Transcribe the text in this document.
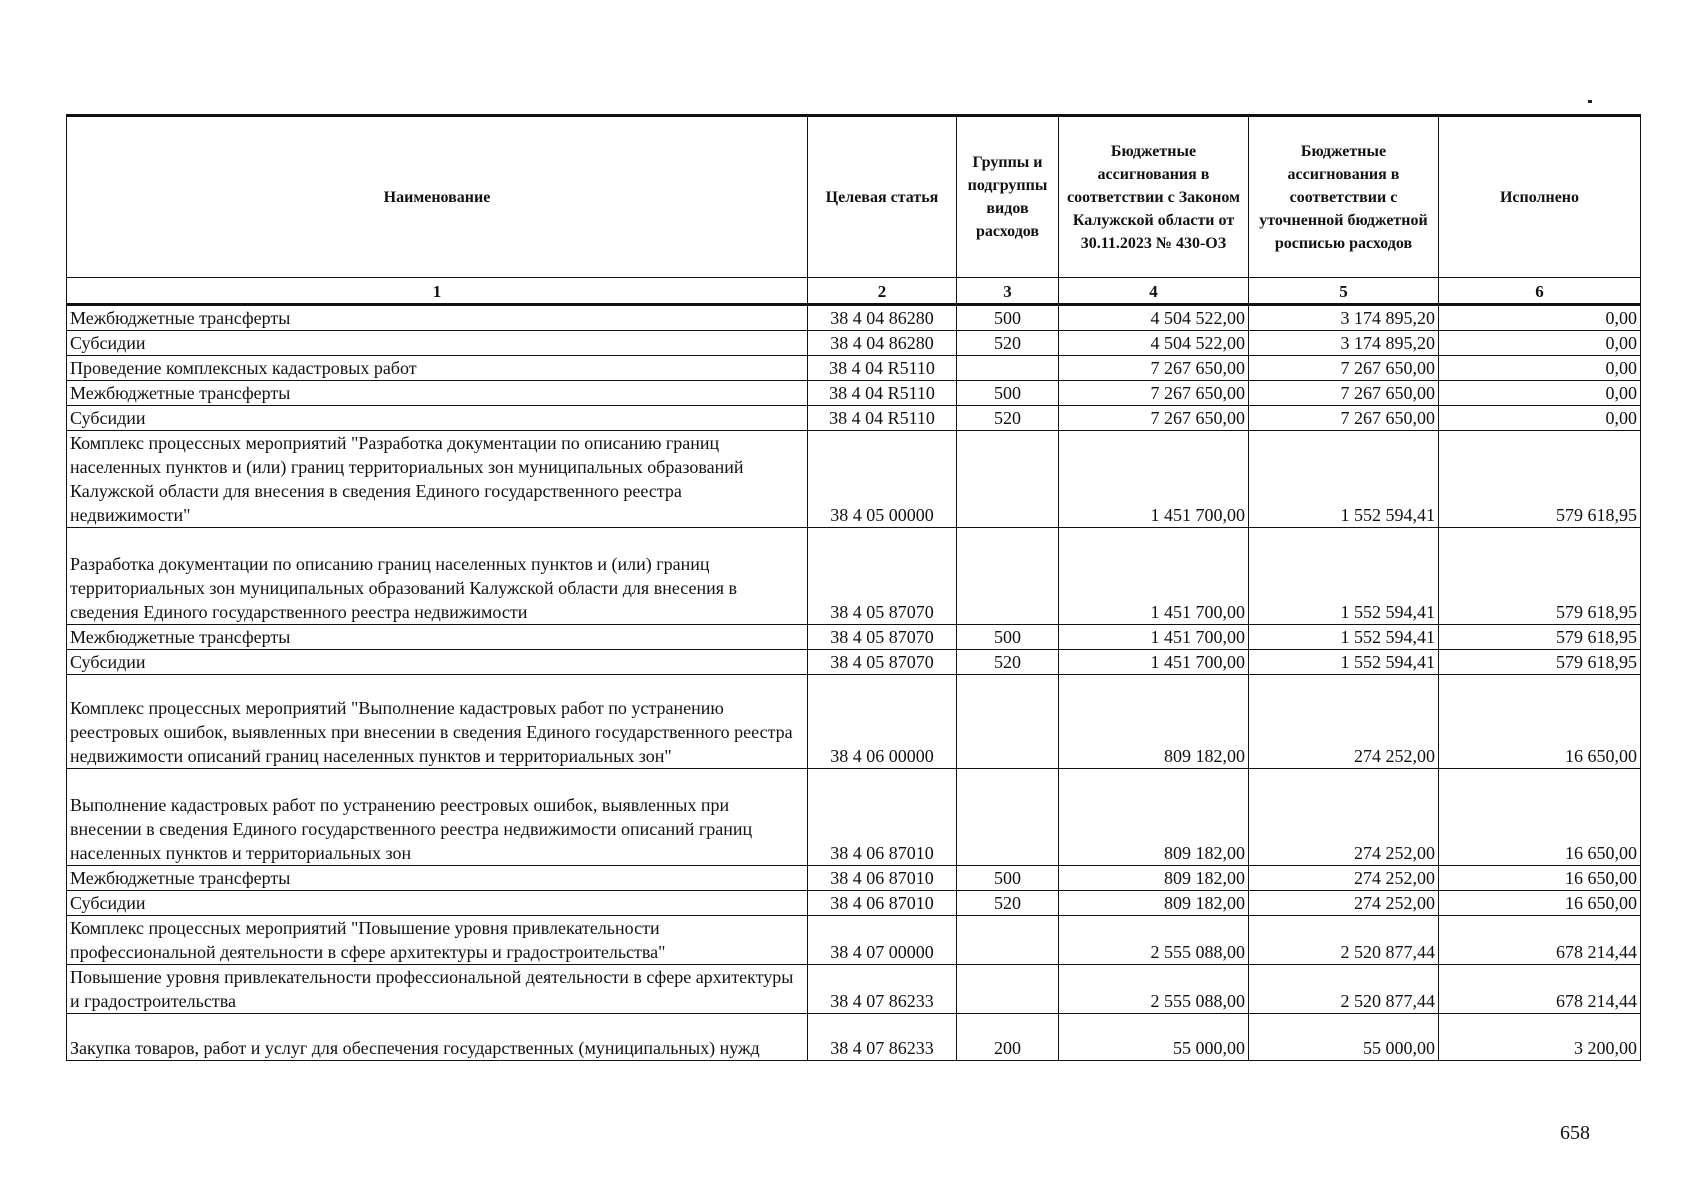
Наименование	Целевая статья	Группы и подгруппы видов расходов	Бюджетные ассигнования в соответствии с Законом Калужской области от 30.11.2023 № 430-ОЗ	Бюджетные ассигнования в соответствии с уточненной бюджетной росписью расходов	Исполнено
1	2	3	4	5	6
Межбюджетные трансферты	38 4 04 86280	500	4 504 522,00	3 174 895,20	0,00
Субсидии	38 4 04 86280	520	4 504 522,00	3 174 895,20	0,00
Проведение комплексных кадастровых работ	38 4 04 R5110		7 267 650,00	7 267 650,00	0,00
Межбюджетные трансферты	38 4 04 R5110	500	7 267 650,00	7 267 650,00	0,00
Субсидии	38 4 04 R5110	520	7 267 650,00	7 267 650,00	0,00
Комплекс процессных мероприятий "Разработка документации по описанию границ населенных пунктов и (или) границ территориальных зон муниципальных образований Калужской области для внесения в сведения Единого государственного реестра недвижимости"	38 4 05 00000		1 451 700,00	1 552 594,41	579 618,95
Разработка документации по описанию границ населенных пунктов и (или) границ территориальных зон муниципальных образований Калужской области для внесения в сведения Единого государственного реестра недвижимости	38 4 05 87070		1 451 700,00	1 552 594,41	579 618,95
Межбюджетные трансферты	38 4 05 87070	500	1 451 700,00	1 552 594,41	579 618,95
Субсидии	38 4 05 87070	520	1 451 700,00	1 552 594,41	579 618,95
Комплекс процессных мероприятий "Выполнение кадастровых работ по устранению реестровых ошибок, выявленных при внесении в сведения Единого государственного реестра недвижимости описаний границ населенных пунктов и территориальных зон"	38 4 06 00000		809 182,00	274 252,00	16 650,00
Выполнение кадастровых работ по устранению реестровых ошибок, выявленных при внесении в сведения Единого государственного реестра недвижимости описаний границ населенных пунктов и территориальных зон	38 4 06 87010		809 182,00	274 252,00	16 650,00
Межбюджетные трансферты	38 4 06 87010	500	809 182,00	274 252,00	16 650,00
Субсидии	38 4 06 87010	520	809 182,00	274 252,00	16 650,00
Комплекс процессных мероприятий "Повышение уровня привлекательности профессиональной деятельности в сфере архитектуры и градостроительства"	38 4 07 00000		2 555 088,00	2 520 877,44	678 214,44
Повышение уровня привлекательности профессиональной деятельности в сфере архитектуры и градостроительства	38 4 07 86233		2 555 088,00	2 520 877,44	678 214,44
Закупка товаров, работ и услуг для обеспечения государственных (муниципальных) нужд	38 4 07 86233	200	55 000,00	55 000,00	3 200,00
658
